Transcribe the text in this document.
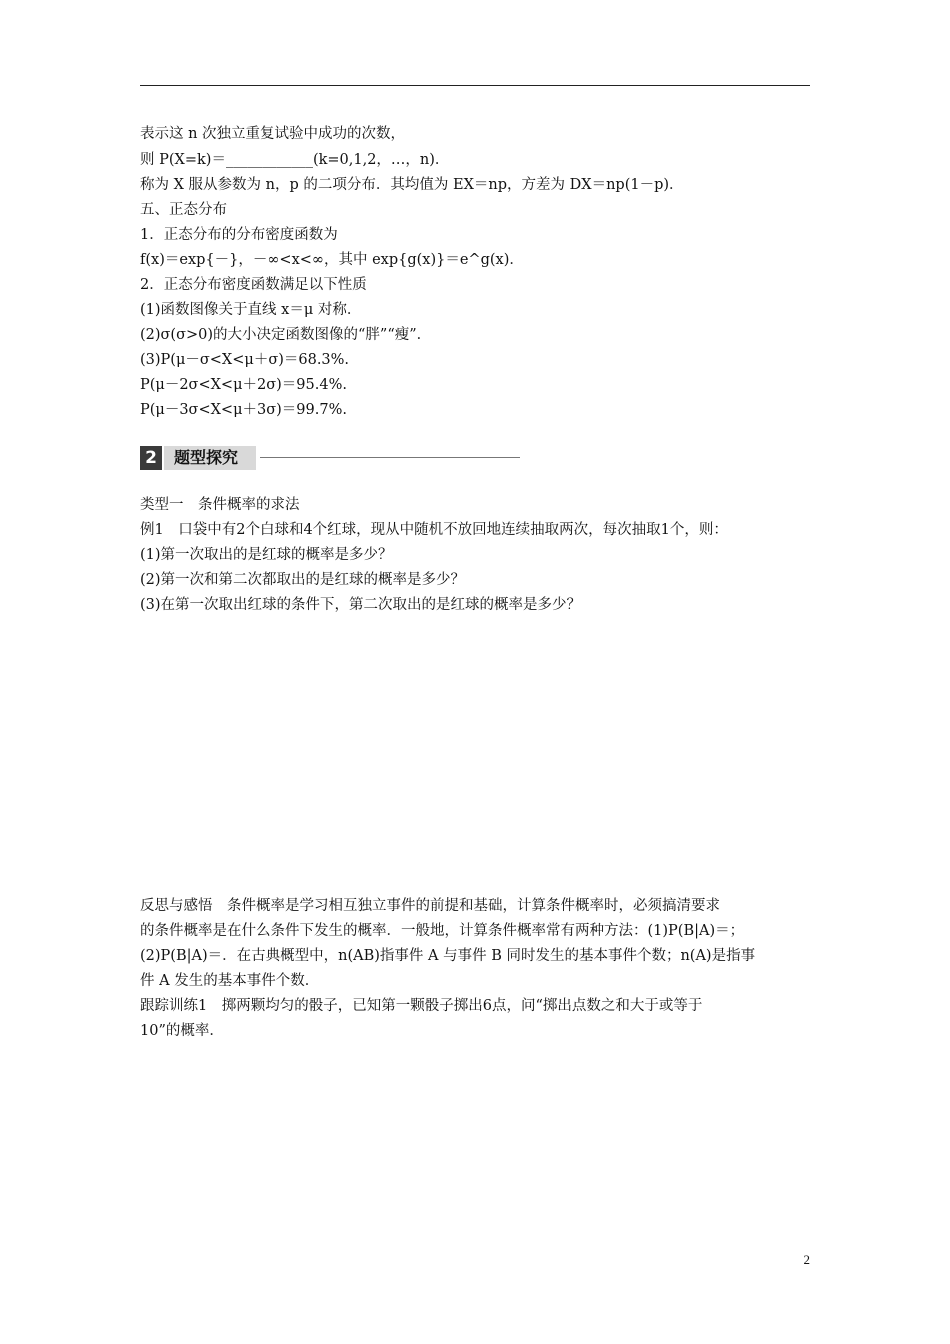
表示这 n 次独立重复试验中成功的次数，
则 P(X=k)＝____________(k=0,1,2，…，n)．
称为 X 服从参数为 n，p 的二项分布．其均值为 EX＝np，方差为 DX＝np(1－p)．
五、正态分布
1．正态分布的分布密度函数为
f(x)＝exp{－}，－∞<x<∞，其中 exp{g(x)}＝e^g(x)．
2．正态分布密度函数满足以下性质
(1)函数图像关于直线 x＝μ 对称．
(2)σ(σ>0)的大小决定函数图像的“胖”“瘦”．
(3)P(μ－σ<X<μ＋σ)＝68.3%.
P(μ－2σ<X<μ＋2σ)＝95.4%.
P(μ－3σ<X<μ＋3σ)＝99.7%.
2	题型探究
类型一　条件概率的求法
例1　口袋中有2个白球和4个红球，现从中随机不放回地连续抽取两次，每次抽取1个，则：
(1)第一次取出的是红球的概率是多少？
(2)第一次和第二次都取出的是红球的概率是多少？
(3)在第一次取出红球的条件下，第二次取出的是红球的概率是多少？
反思与感悟　条件概率是学习相互独立事件的前提和基础，计算条件概率时，必须搞清要求
的条件概率是在什么条件下发生的概率．一般地，计算条件概率常有两种方法：(1)P(B|A)＝；
(2)P(B|A)＝．在古典概型中，n(AB)指事件 A 与事件 B 同时发生的基本事件个数；n(A)是指事
件 A 发生的基本事件个数．
跟踪训练1　掷两颗均匀的骰子，已知第一颗骰子掷出6点，问“掷出点数之和大于或等于
10”的概率．
2
